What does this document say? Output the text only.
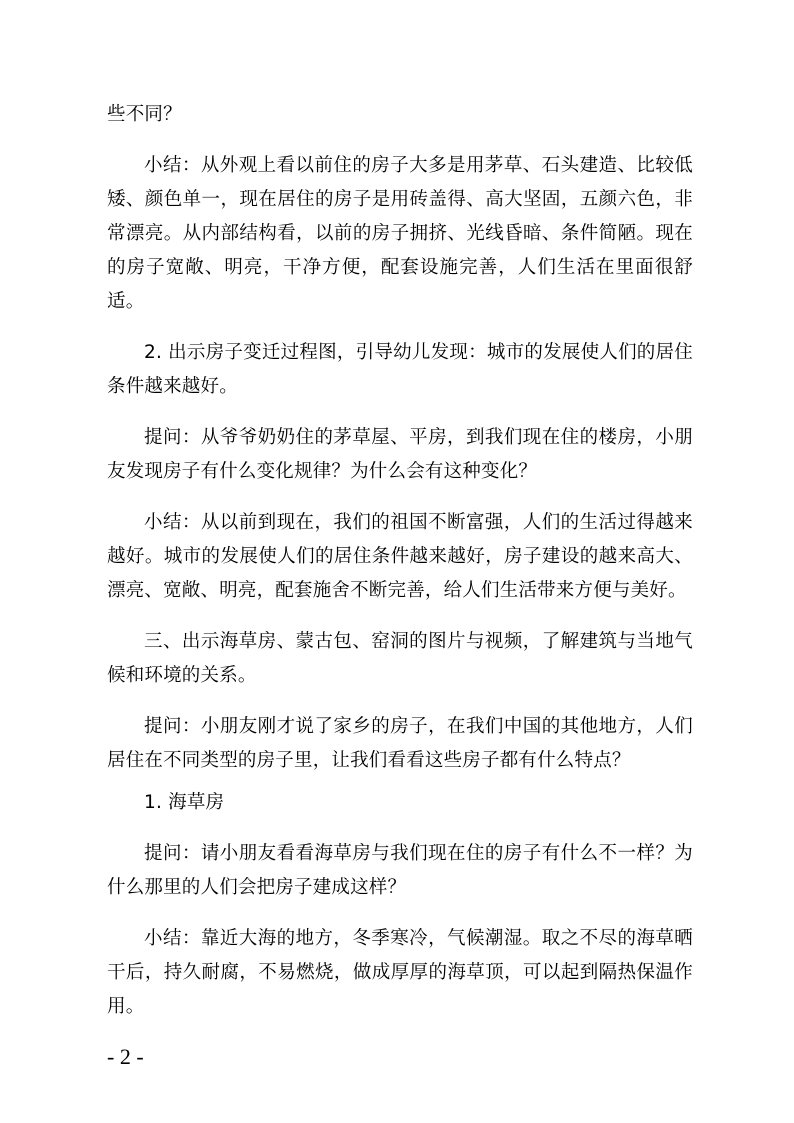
些不同？

小结：从外观上看以前住的房子大多是用茅草、石头建造、比较低矮、颜色单一，现在居住的房子是用砖盖得、高大坚固，五颜六色，非常漂亮。从内部结构看，以前的房子拥挤、光线昏暗、条件简陋。现在的房子宽敞、明亮，干净方便，配套设施完善，人们生活在里面很舒适。

2. 出示房子变迁过程图，引导幼儿发现：城市的发展使人们的居住条件越来越好。

提问：从爷爷奶奶住的茅草屋、平房，到我们现在住的楼房，小朋友发现房子有什么变化规律？为什么会有这种变化？

小结：从以前到现在，我们的祖国不断富强，人们的生活过得越来越好。城市的发展使人们的居住条件越来越好，房子建设的越来高大、漂亮、宽敞、明亮，配套施舍不断完善，给人们生活带来方便与美好。

三、出示海草房、蒙古包、窑洞的图片与视频，了解建筑与当地气候和环境的关系。

提问：小朋友刚才说了家乡的房子，在我们中国的其他地方，人们居住在不同类型的房子里，让我们看看这些房子都有什么特点？

1. 海草房

提问：请小朋友看看海草房与我们现在住的房子有什么不一样？为什么那里的人们会把房子建成这样？

小结：靠近大海的地方，冬季寒冷，气候潮湿。取之不尽的海草晒干后，持久耐腐，不易燃烧，做成厚厚的海草顶，可以起到隔热保温作用。

- 2 -
